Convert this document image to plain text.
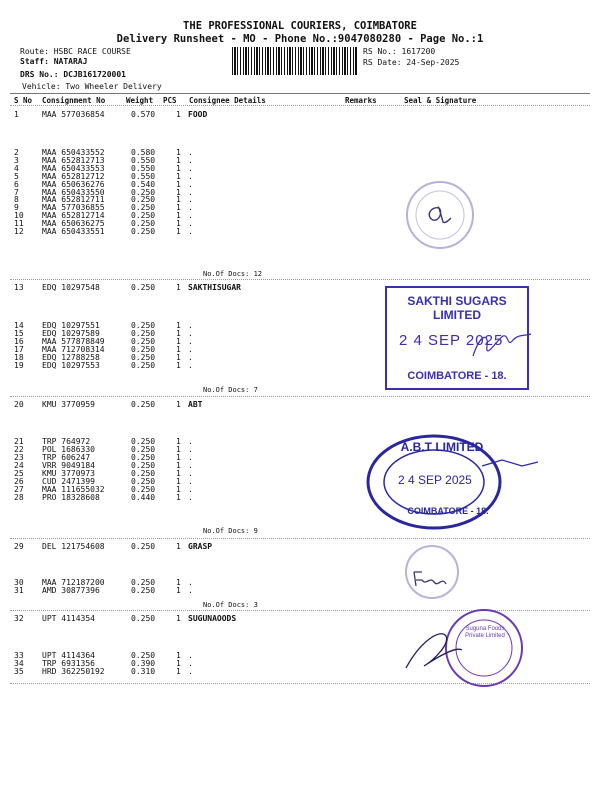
THE PROFESSIONAL COURIERS, COIMBATORE
Delivery Runsheet - MO - Phone No.:9047080280 - Page No.:1
Route: HSBC RACE COURSE
Staff: NATARAJ
DRS No.: DCJB161720001
Vehicle: Two Wheeler Delivery
RS No.: 1617200
RS Date: 24-Sep-2025
S No Consignment No	Weight PCS Consignee Details	Remarks	Seal & Signature
1	MAA 577036854	0.570	1 FOOD
2	MAA 650433552	0.580	1 .
3	MAA 652812713	0.550	1 .
4	MAA 650433553	0.550	1 .
5	MAA 652812712	0.550	1 .
6	MAA 650636276	0.540	1 .
7	MAA 650433550	0.250	1 .
8	MAA 652812711	0.250	1 .
9	MAA 577036855	0.250	1 .
10 MAA 652812714	0.250	1 .
11 MAA 650636275	0.250	1 .
12 MAA 650433551	0.250	1 .
No.Of Docs: 12
13 EDQ 10297548	0.250	1 SAKTHISUGAR
14 EDQ 10297551	0.250	1 .
15 EDQ 10297589	0.250	1 .
16 MAA 577878849	0.250	1 .
17 MAA 712708314	0.250	1 .
18 EDQ 12788258	0.250	1 .
19 EDQ 10297553	0.250	1 .
No.Of Docs: 7
20 KMU 3770959	0.250	1 ABT
21 TRP 764972	0.250	1 .
22 POL 1686330	0.250	1 .
23 TRP 606247	0.250	1 .
24 VRR 9049184	0.250	1 .
25 KMU 3770973	0.250	1 .
26 CUD 2471399	0.250	1 .
27 MAA 111655032	0.250	1 .
28 PRO 18328608	0.440	1 .
No.Of Docs: 9
29 DEL 121754608	0.250	1 GRASP
30 MAA 712187200	0.250	1 .
31 AMD 30877396	0.250	1 .
No.Of Docs: 3
32 UPT 4114354	0.250	1 SUGUNAOODS
33 UPT 4114364	0.250	1 .
34 TRP 6931356	0.390	1 .
35 HRD 362250192	0.310	1 .
SAKTHI SUGARS LIMITED
2 4 SEP 2025
COIMBATORE - 18.
A.B.T LIMITED
2 4 SEP 2025
COIMBATORE - 18.
Suguna Foods Private Limited
